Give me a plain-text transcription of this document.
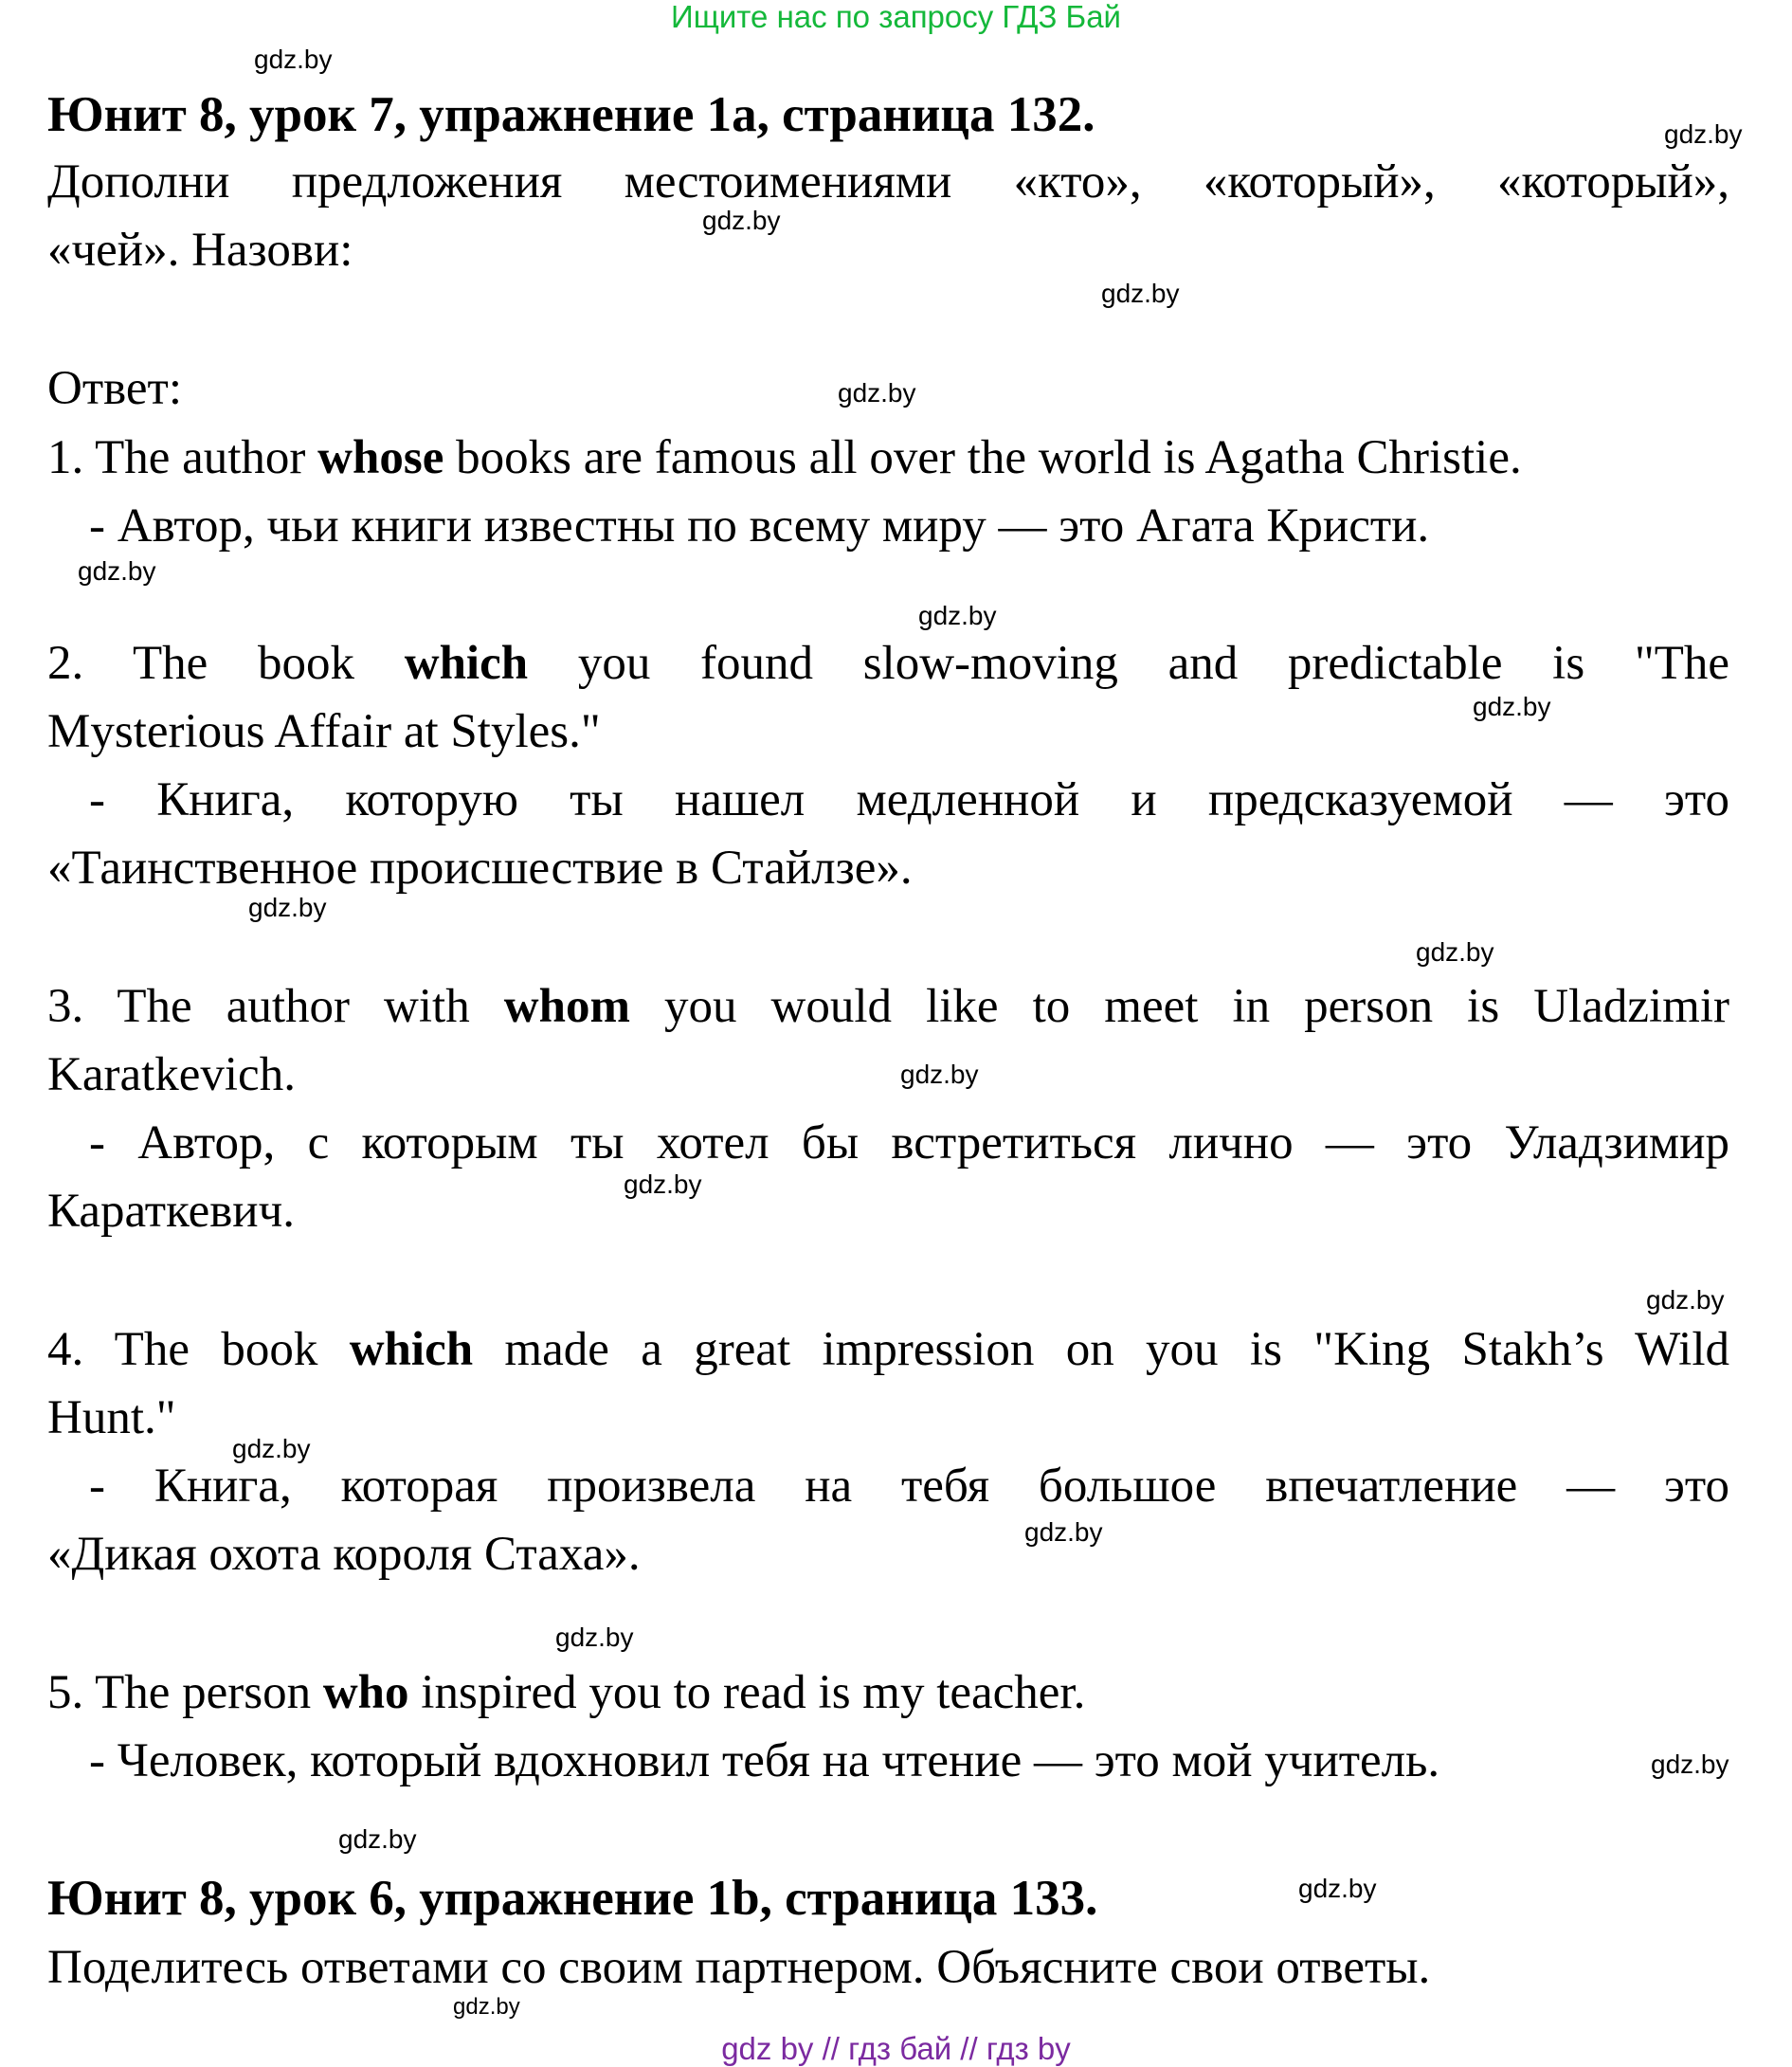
Ищите нас по запросу ГДЗ Бай
gdz.by
gdz.by
gdz.by
gdz.by
gdz.by
gdz.by
gdz.by
gdz.by
gdz.by
gdz.by
gdz.by
gdz.by
gdz.by
gdz.by
gdz.by
gdz.by
gdz.by
gdz.by
gdz.by
gdz.by
Юнит 8, урок 7, упражнение 1а, страница 132.
Дополни предложения местоимениями «кто», «который», «который»,
«чей». Назови:
Ответ:
1. The author whose books are famous all over the world is Agatha Christie.
- Автор, чьи книги известны по всему миру — это Агата Кристи.
2. The book which you found slow-moving and predictable is "The
Mysterious Affair at Styles."
- Книга, которую ты нашел медленной и предсказуемой — это
«Таинственное происшествие в Стайлзе».
3. The author with whom you would like to meet in person is Uladzimir
Karatkevich.
- Автор, с которым ты хотел бы встретиться лично — это Уладзимир
Караткевич.
4. The book which made a great impression on you is "King Stakh’s Wild
Hunt."
- Книга, которая произвела на тебя большое впечатление — это
«Дикая охота короля Стаха».
5. The person who inspired you to read is my teacher.
- Человек, который вдохновил тебя на чтение — это мой учитель.
Юнит 8, урок 6, упражнение 1b, страница 133.
Поделитесь ответами со своим партнером. Объясните свои ответы.
gdz by // гдз бай // гдз by
